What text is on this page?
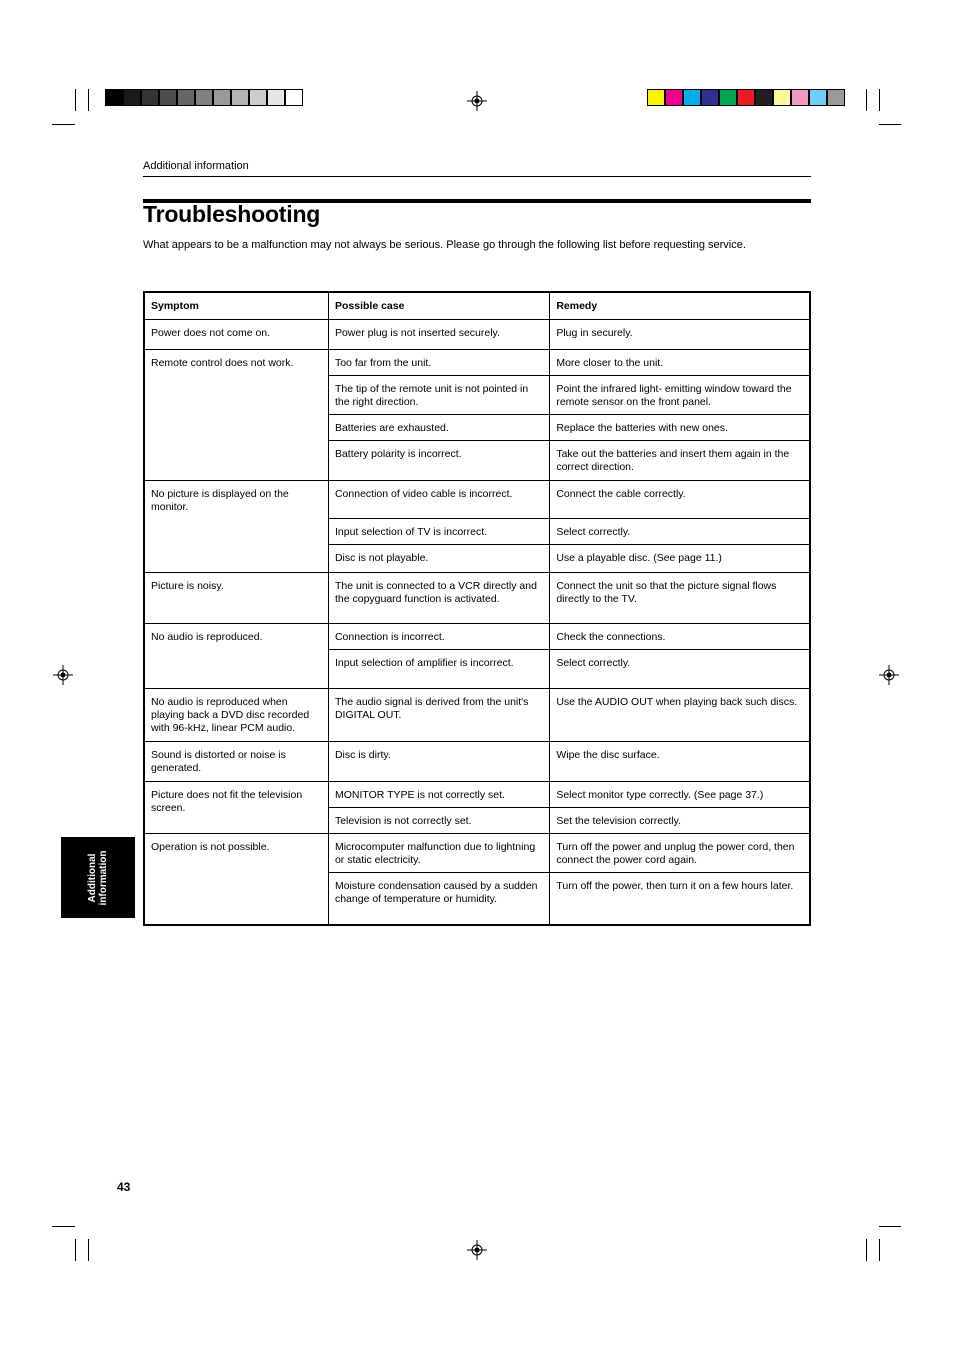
Additional information
Troubleshooting

What appears to be a malfunction may not always be serious. Please go through the following list before requesting service.

Symptom	Possible case	Remedy
Power does not come on.	Power plug is not inserted securely.	Plug in securely.
Remote control does not work.	Too far from the unit.	More closer to the unit.
	The tip of the remote unit is not pointed in the right direction.	Point the infrared light- emitting window toward the remote sensor on the front panel.
	Batteries are exhausted.	Replace the batteries with new ones.
	Battery polarity is incorrect.	Take out the batteries and insert them again in the correct direction.
No picture is displayed on the monitor.	Connection of video cable is incorrect.	Connect the cable correctly.
	Input selection of TV is incorrect.	Select correctly.
	Disc is not playable.	Use a playable disc. (See page 11.)
Picture is noisy.	The unit is connected to a VCR directly and the copyguard function is activated.	Connect the unit so that the picture signal flows directly to the TV.
No audio is reproduced.	Connection is incorrect.	Check the connections.
	Input selection of amplifier is incorrect.	Select correctly.
No audio is reproduced when playing back a DVD disc recorded with 96-kHz, linear PCM audio.	The audio signal is derived from the unit's DIGITAL OUT.	Use the AUDIO OUT when playing back such discs.
Sound is distorted or noise is generated.	Disc is dirty.	Wipe the disc surface.
Picture does not fit the television screen.	MONITOR TYPE is not correctly set.	Select monitor type correctly. (See page 37.)
	Television is not correctly set.	Set the television correctly.
Operation is not possible.	Microcomputer malfunction due to lightning or static electricity.	Turn off the power and unplug the power cord, then connect the power cord again.
	Moisture condensation caused by a sudden change of temperature or humidity.	Turn off the power, then turn it on a few hours later.
Additional
information
43
